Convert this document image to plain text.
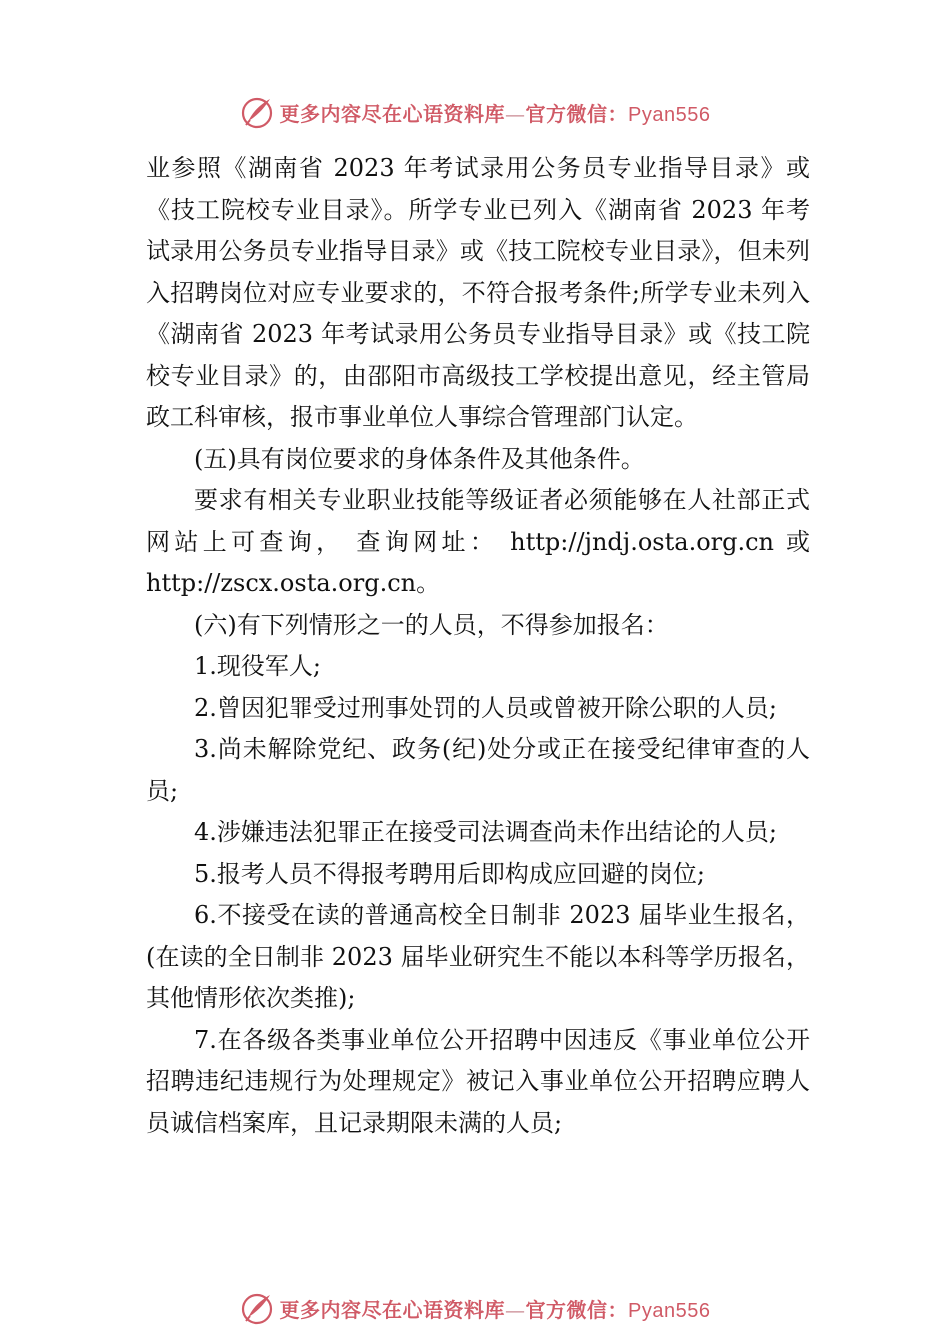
更多内容尽在心语资料库—官方微信：Pyan556

业参照《湖南省 2023 年考试录用公务员专业指导目录》或《技工院校专业目录》。所学专业已列入《湖南省 2023 年考试录用公务员专业指导目录》或《技工院校专业目录》，但未列入招聘岗位对应专业要求的，不符合报考条件;所学专业未列入《湖南省 2023 年考试录用公务员专业指导目录》或《技工院校专业目录》的，由邵阳市高级技工学校提出意见，经主管局政工科审核，报市事业单位人事综合管理部门认定。

(五)具有岗位要求的身体条件及其他条件。

要求有相关专业职业技能等级证者必须能够在人社部正式网站上可查询， 查询网址： http://jndj.osta.org.cn 或http://zscx.osta.org.cn。

(六)有下列情形之一的人员，不得参加报名：

1.现役军人;

2.曾因犯罪受过刑事处罚的人员或曾被开除公职的人员;

3.尚未解除党纪、政务(纪)处分或正在接受纪律审查的人员;

4.涉嫌违法犯罪正在接受司法调查尚未作出结论的人员;

5.报考人员不得报考聘用后即构成应回避的岗位;

6.不接受在读的普通高校全日制非 2023 届毕业生报名，(在读的全日制非 2023 届毕业研究生不能以本科等学历报名，其他情形依次类推);

7.在各级各类事业单位公开招聘中因违反《事业单位公开招聘违纪违规行为处理规定》被记入事业单位公开招聘应聘人员诚信档案库，且记录期限未满的人员;

更多内容尽在心语资料库—官方微信：Pyan556
